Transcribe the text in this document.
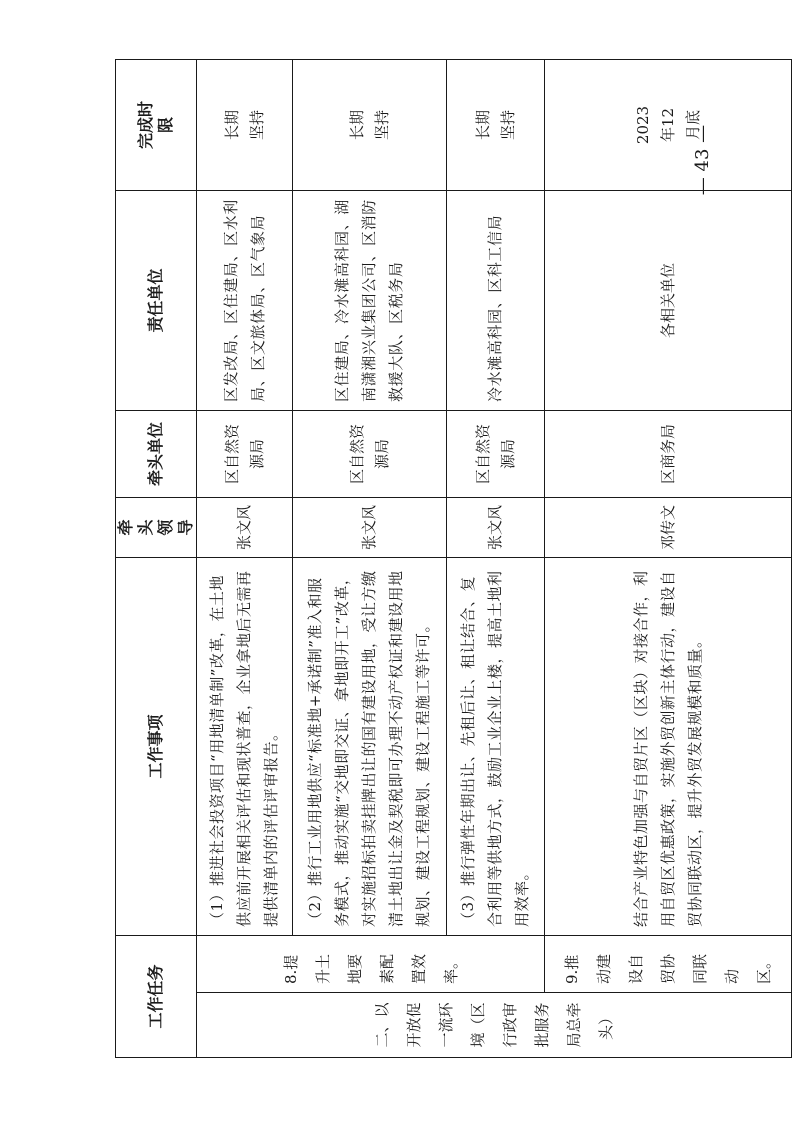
— 43 —
工作任务		工作事项	牵头领导	牵头单位	责任单位	完成时限
二、以开放促一流环境（区行政审批服务局总牵头）	8.提升土地要素配置效率。	（1）推进社会投资项目“用地清单制”改革，在土地供应前开展相关评估和现状普查，企业拿地后无需再提供清单内的评估评审报告。	张文风	区自然资源局	区发改局、区住建局、区水利局、区文旅体局、区气象局	长期坚持
		（2）推行工业用地供应“标准地+承诺制”准入和服务模式，推动实施“交地即交证、拿地即开工”改革，对实施招标拍卖挂牌出让的国有建设用地，受让方缴清土地出让金及契税即可办理不动产权证和建设用地规划、建设工程规划、建设工程施工等许可。	张文风	区自然资源局	区住建局、冷水滩高科园、湖南潇湘兴业集团公司、区消防救援大队、区税务局	长期坚持
		（3）推行弹性年期出让、先租后让、租让结合、复合利用等供地方式，鼓励工业企业上楼，提高土地利用效率。	张文风	区自然资源局	冷水滩高科园、区科工信局	长期坚持
	9.推动建设自贸协同联动区。	结合产业特色加强与自贸片区（区块）对接合作，利用自贸区优惠政策，实施外贸创新主体行动，建设自贸协同联动区，提升外贸发展规模和质量。	邓传文	区商务局	各相关单位	2023年12月底
